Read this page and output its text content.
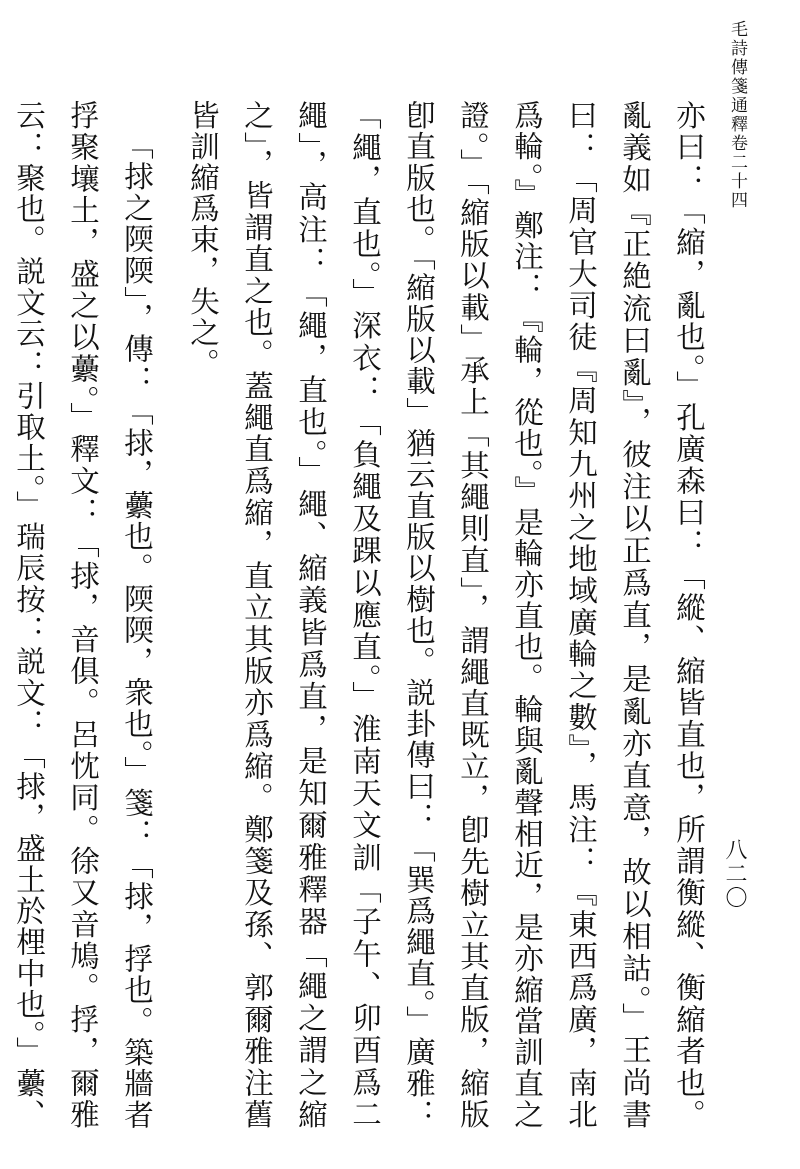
毛詩傳箋通釋卷二十四

亦曰：「縮，亂也。」孔廣森曰：「縱、縮皆直也，所謂衡縱、衡縮者也。亂義如『正絶流曰亂』，彼注以正爲直，是亂亦直意，故以相詁。」王尚書曰：「周官大司徒『周知九州之地域廣輪之數』，馬注：『東西爲廣，南北爲輪。』鄭注：『輪，從也。』是輪亦直也。輪與亂聲相近，是亦縮當訓直之證。」「縮版以載」承上「其繩則直」，謂繩直既立，卽先樹立其直版，縮版卽直版也。「縮版以載」猶云直版以樹也。説卦傳曰：「巽爲繩直。」廣雅：「繩，直也。」深衣：「負繩及踝以應直。」淮南天文訓「子午、卯酉爲二繩」，高注：「繩，直也。」繩、縮義皆爲直，是知爾雅釋器「繩之謂之縮之」，皆謂直之也。蓋繩直爲縮，直立其版亦爲縮。鄭箋及孫、郭爾雅注舊皆訓縮爲束，失之。

「捄之陾陾」，傳：「捄，虆也。陾陾，衆也。」箋：「捄，捊也。築牆者捊聚壤土，盛之以虆。」釋文：「捄，音俱。呂忱同。徐又音鳩。捊，爾雅云：聚也。説文云：引取土。」瑞辰按：説文：「捄，盛土於梩中也。」虆、

八二〇
